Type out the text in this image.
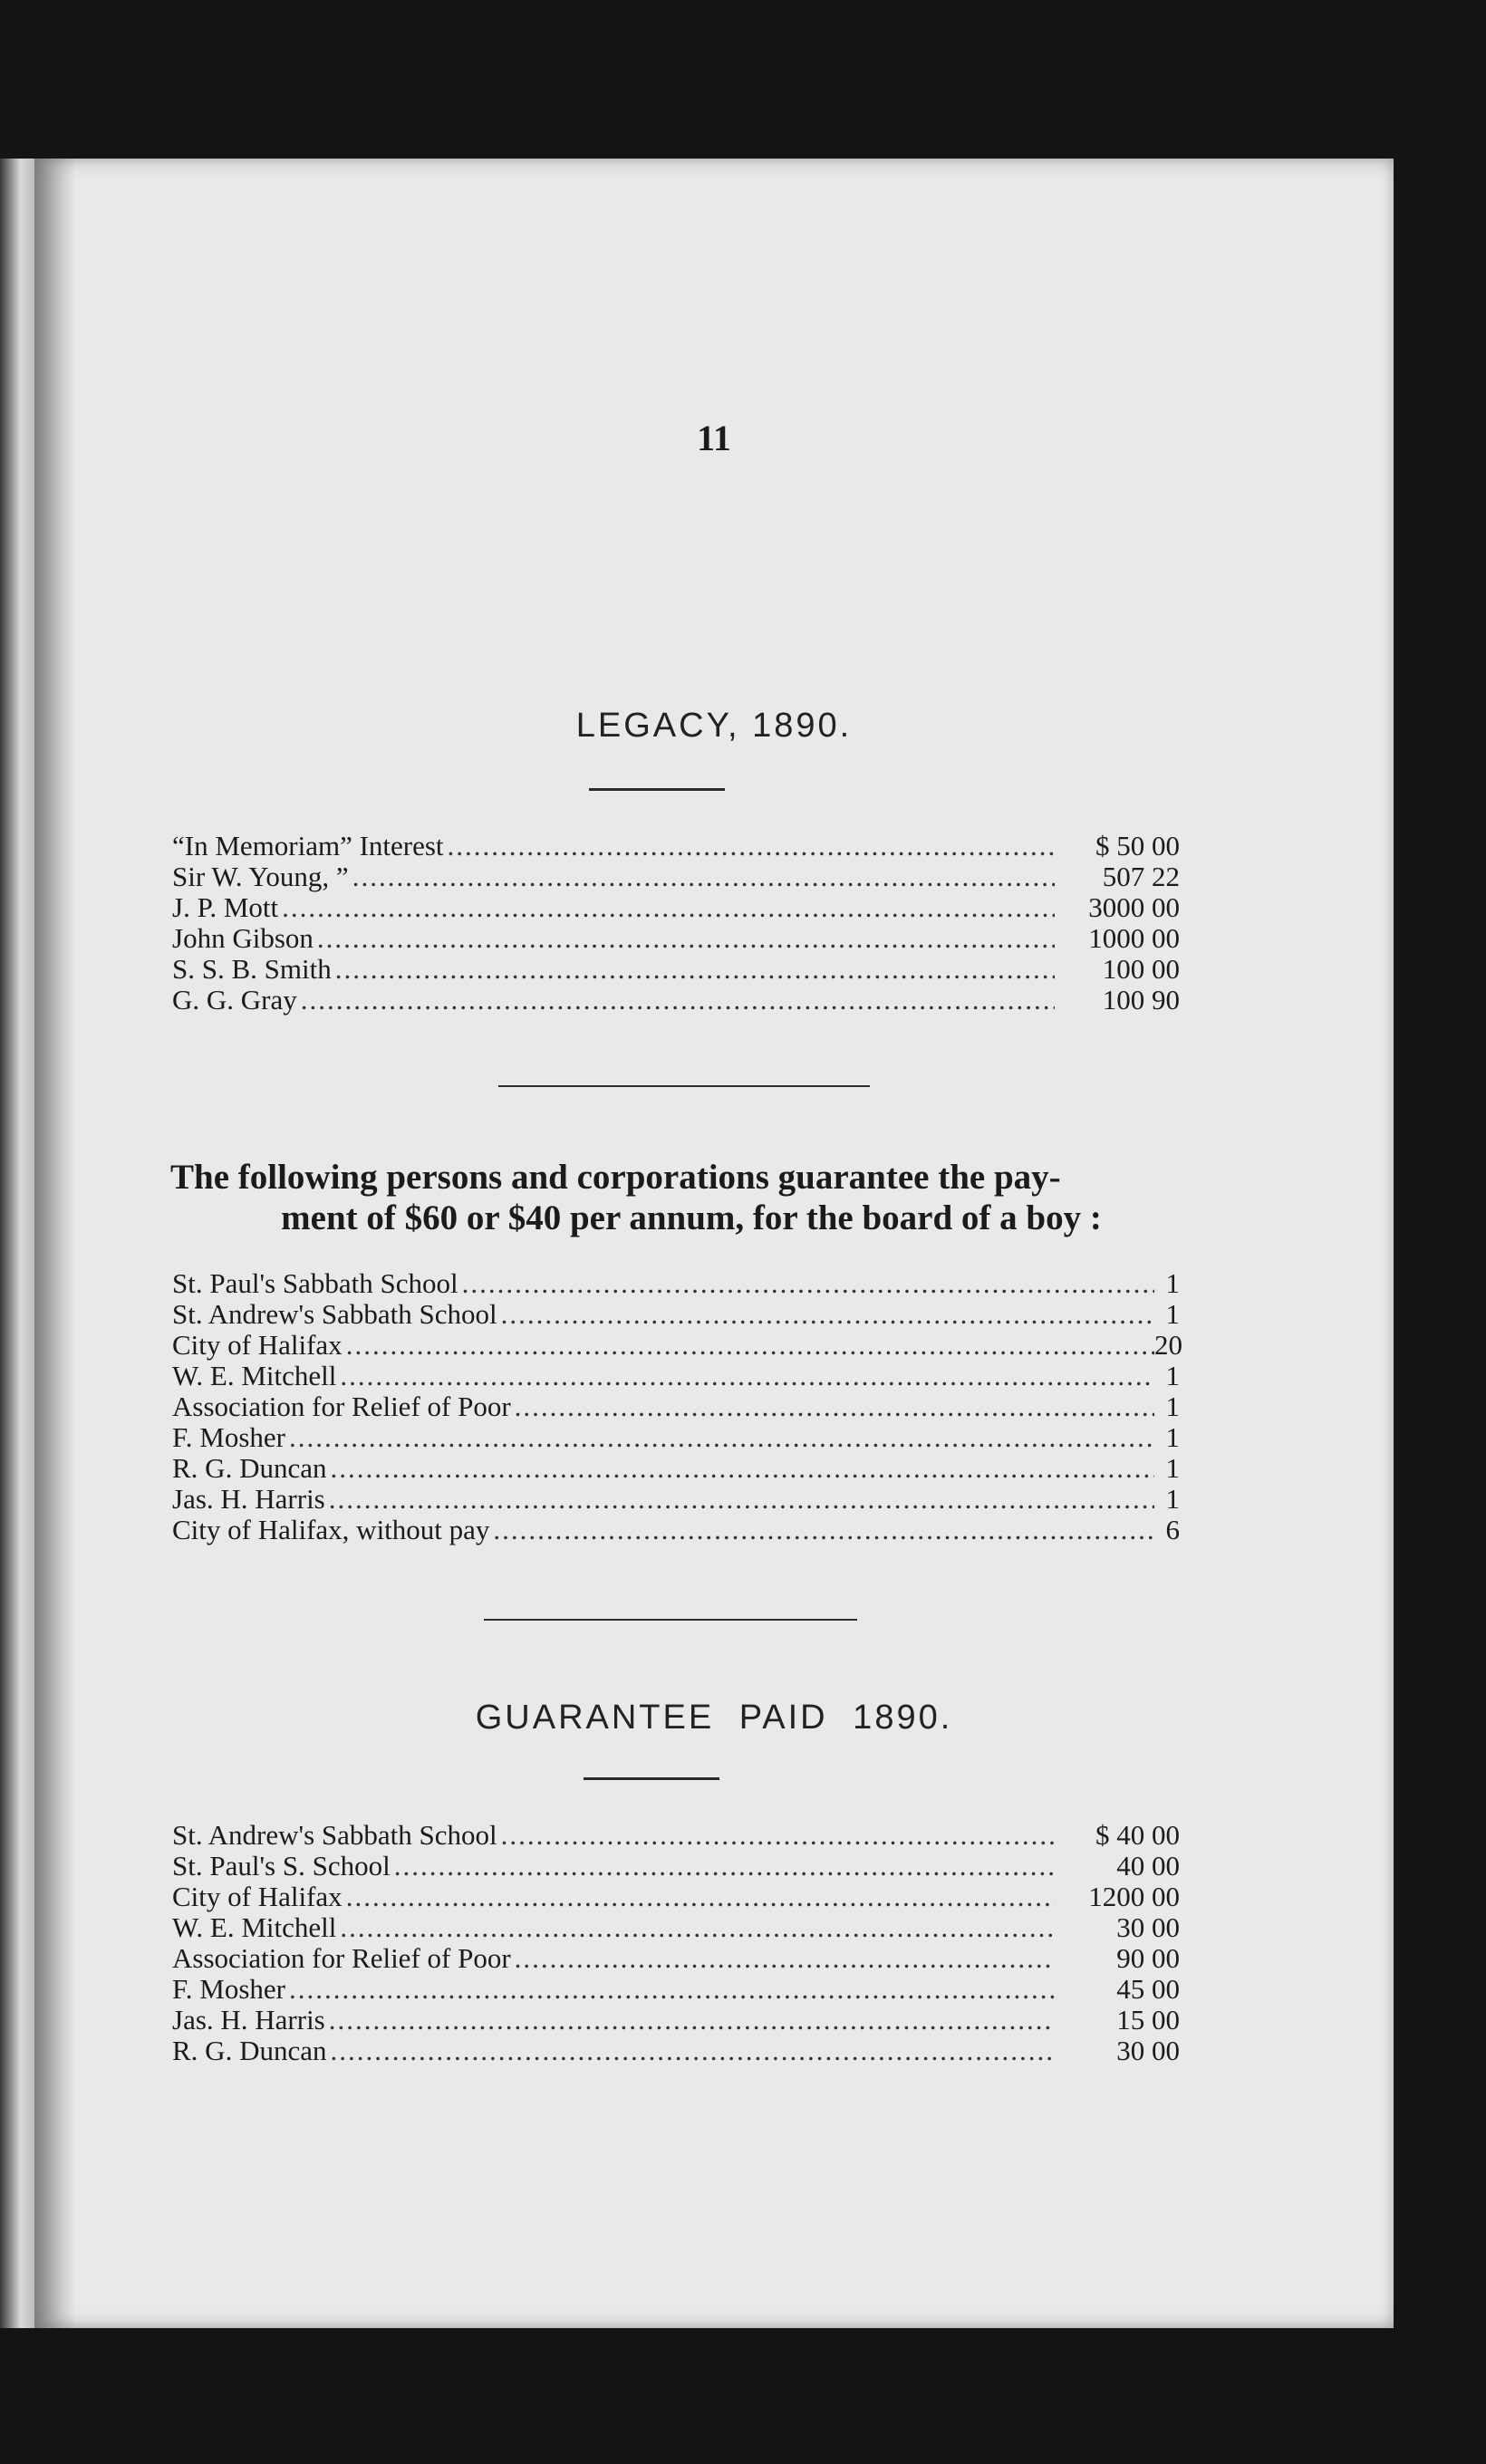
11
LEGACY, 1890.
“In Memoriam” Interest .....	$ 50 00
Sir W. Young, ” .....	507 22
J. P. Mott .....	3000 00
John Gibson .....	1000 00
S. S. B. Smith .....	100 00
G. G. Gray .....	100 90
The following persons and corporations guarantee the pay-
ment of $60 or $40 per annum, for the board of a boy :
St. Paul's Sabbath School .....	1
St. Andrew's Sabbath School .....	1
City of Halifax .....	20
W. E. Mitchell .....	1
Association for Relief of Poor .....	1
F. Mosher .....	1
R. G. Duncan .....	1
Jas. H. Harris .....	1
City of Halifax, without pay .....	6
GUARANTEE PAID 1890.
St. Andrew's Sabbath School .....	$ 40 00
St. Paul's S. School .....	40 00
City of Halifax .....	1200 00
W. E. Mitchell .....	30 00
Association for Relief of Poor .....	90 00
F. Mosher .....	45 00
Jas. H. Harris .....	15 00
R. G. Duncan .....	30 00
